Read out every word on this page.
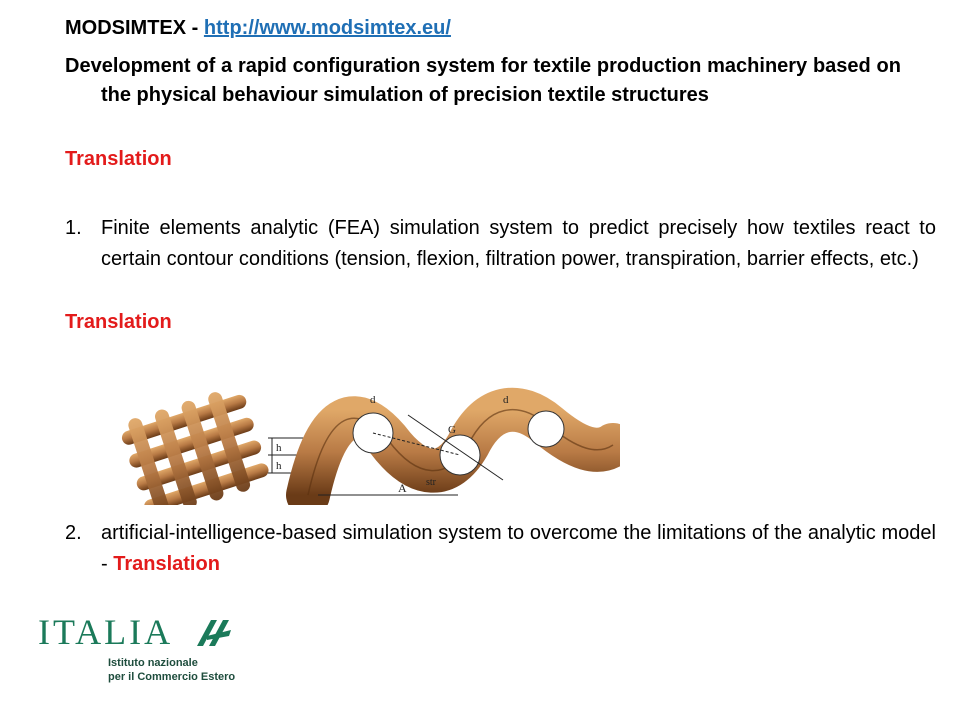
MODSIMTEX - http://www.modsimtex.eu/

Development of a rapid configuration system for textile production machinery based on the physical behaviour simulation of precision textile structures

Translation

1. Finite elements analytic (FEA) simulation system to predict precisely how textiles react to certain contour conditions (tension, flexion, filtration power, transpiration, barrier effects, etc.)

Translation

h
h
d	d
A str
G
2. artificial-intelligence-based simulation system to overcome the limitations of the analytic model - Translation
ITALIA
Istituto nazionale
per il Commercio Estero
